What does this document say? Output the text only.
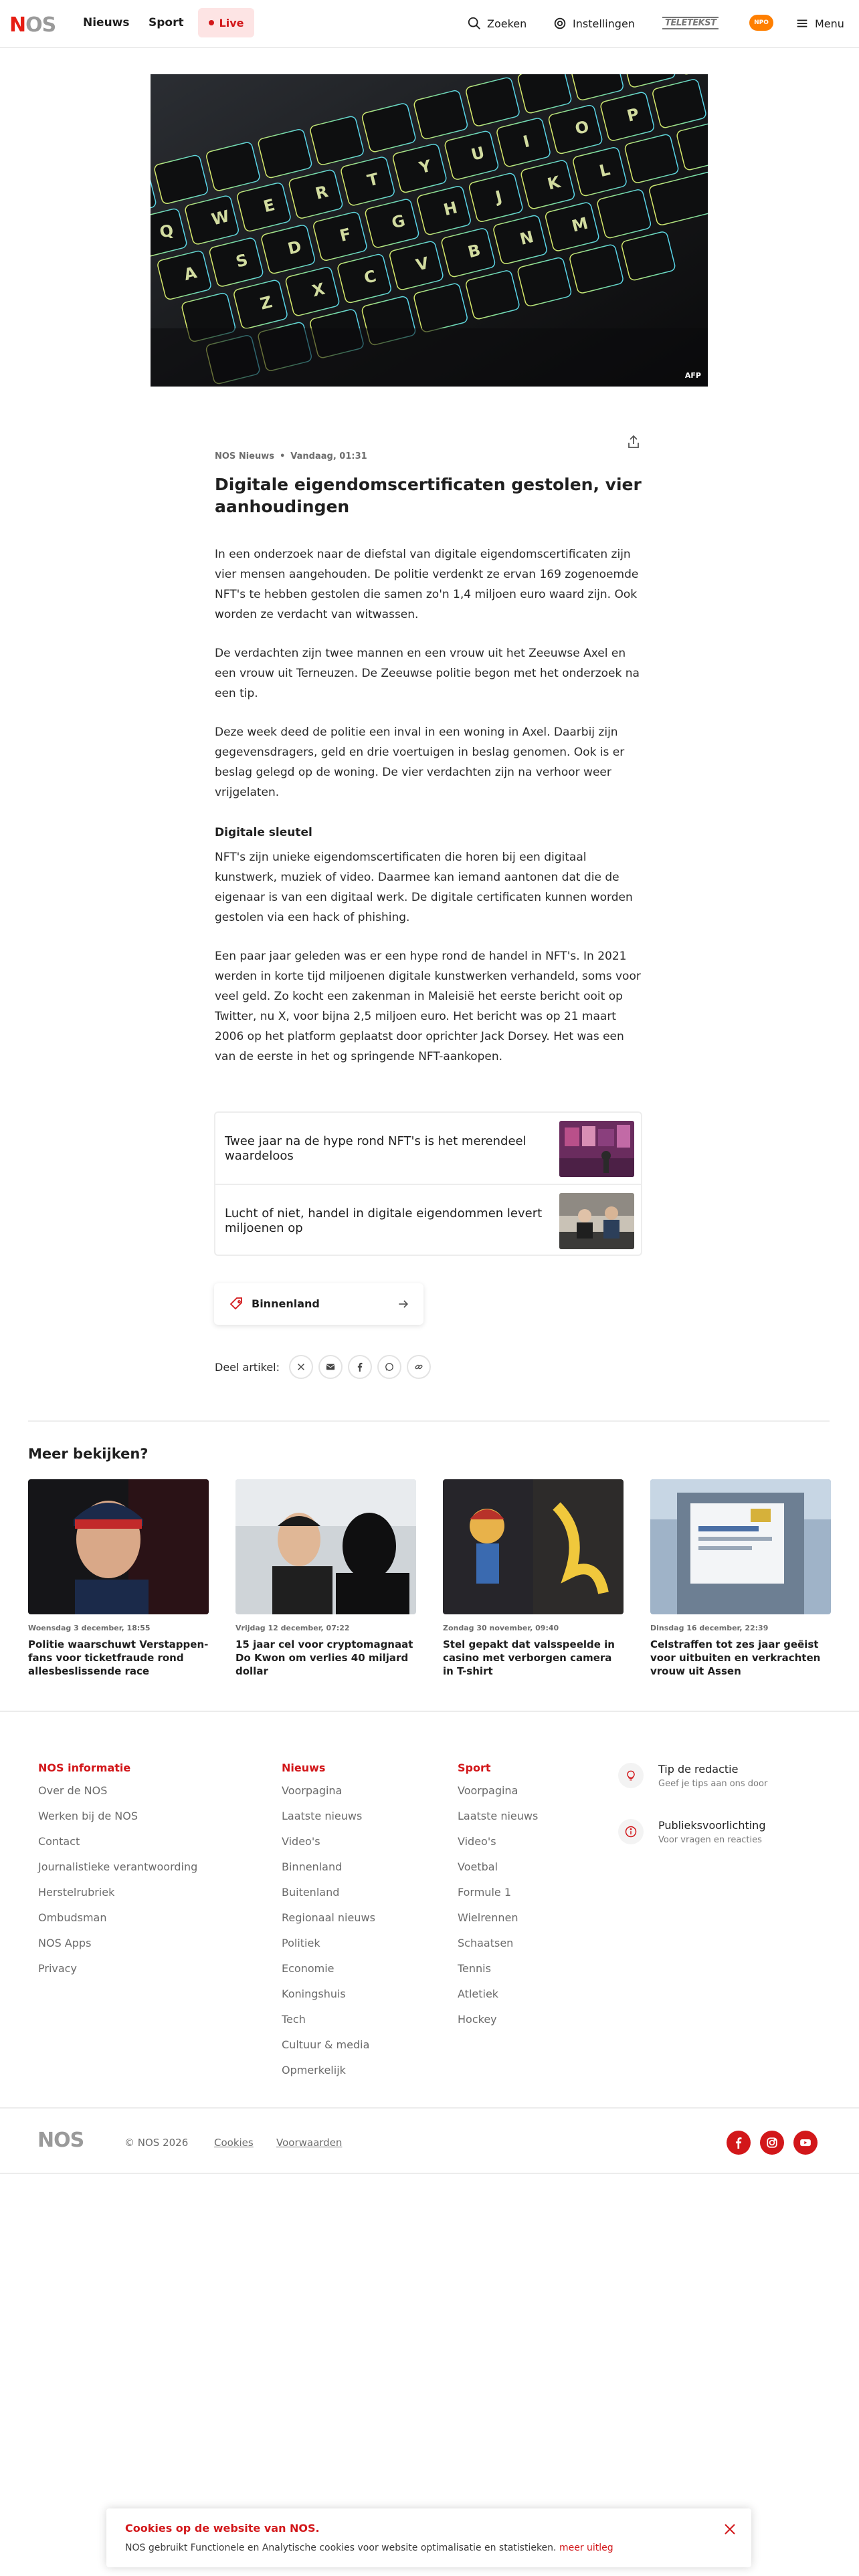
N OS Nieuws Sport	Live	Zoeken	Instellingen	TELETEKST	NPO	Menu
Q
W
E
R
T
Y
U
I
O
P
A
S
D
F
G
H
J
K
L
Z
X
C
V
B
N
M
AFP
NOS Nieuws • Vandaag, 01:31
Digitale eigendomscertificaten gestolen, vier aanhoudingen

In een onderzoek naar de diefstal van digitale eigendomscertificaten zijn vier mensen aangehouden. De politie verdenkt ze ervan 169 zogenoemde NFT's te hebben gestolen die samen zo'n 1,4 miljoen euro waard zijn. Ook worden ze verdacht van witwassen.

De verdachten zijn twee mannen en een vrouw uit het Zeeuwse Axel en een vrouw uit Terneuzen. De Zeeuwse politie begon met het onderzoek na een tip.

Deze week deed de politie een inval in een woning in Axel. Daarbij zijn gegevensdragers, geld en drie voertuigen in beslag genomen. Ook is er beslag gelegd op de woning. De vier verdachten zijn na verhoor weer vrijgelaten.

Digitale sleutel

NFT's zijn unieke eigendomscertificaten die horen bij een digitaal kunstwerk, muziek of video. Daarmee kan iemand aantonen dat die de eigenaar is van een digitaal werk. De digitale certificaten kunnen worden gestolen via een hack of phishing.

Een paar jaar geleden was er een hype rond de handel in NFT's. In 2021 werden in korte tijd miljoenen digitale kunstwerken verhandeld, soms voor veel geld. Zo kocht een zakenman in Maleisië het eerste bericht ooit op Twitter, nu X, voor bijna 2,5 miljoen euro. Het bericht was op 21 maart 2006 op het platform geplaatst door oprichter Jack Dorsey. Het was een van de eerste in het og springende NFT-aankopen.

Twee jaar na de hype rond NFT's is het merendeel waardeloos
Lucht of niet, handel in digitale eigendommen levert miljoenen op
Binnenland
Deel artikel:
Meer bekijken?
Woensdag 3 december, 18:55
Politie waarschuwt Verstappen-fans voor ticketfraude rond allesbeslissende race
Vrijdag 12 december, 07:22
15 jaar cel voor cryptomagnaat Do Kwon om verlies 40 miljard dollar
Zondag 30 november, 09:40
Stel gepakt dat valsspeelde in casino met verborgen camera in T-shirt
Dinsdag 16 december, 22:39
Celstraffen tot zes jaar geëist voor uitbuiten en verkrachten vrouw uit Assen
NOS informatie
Over de NOS
Werken bij de NOS
Contact
Journalistieke verantwoording
Herstelrubriek
Ombudsman
NOS Apps
Privacy
Nieuws
Voorpagina
Laatste nieuws
Video's
Binnenland
Buitenland
Regionaal nieuws
Politiek
Economie
Koningshuis
Tech
Cultuur & media
Opmerkelijk
Sport
Voorpagina
Laatste nieuws
Video's
Voetbal
Formule 1
Wielrennen
Schaatsen
Tennis
Atletiek
Hockey
Tip de redactie
Geef je tips aan ons door
Publieksvoorlichting
Voor vragen en reacties
NOS	© NOS 2026	Cookies Voorwaarden
Cookies op de website van NOS.
NOS gebruikt Functionele en Analytische cookies voor website optimalisatie en statistieken. meer uitleg
